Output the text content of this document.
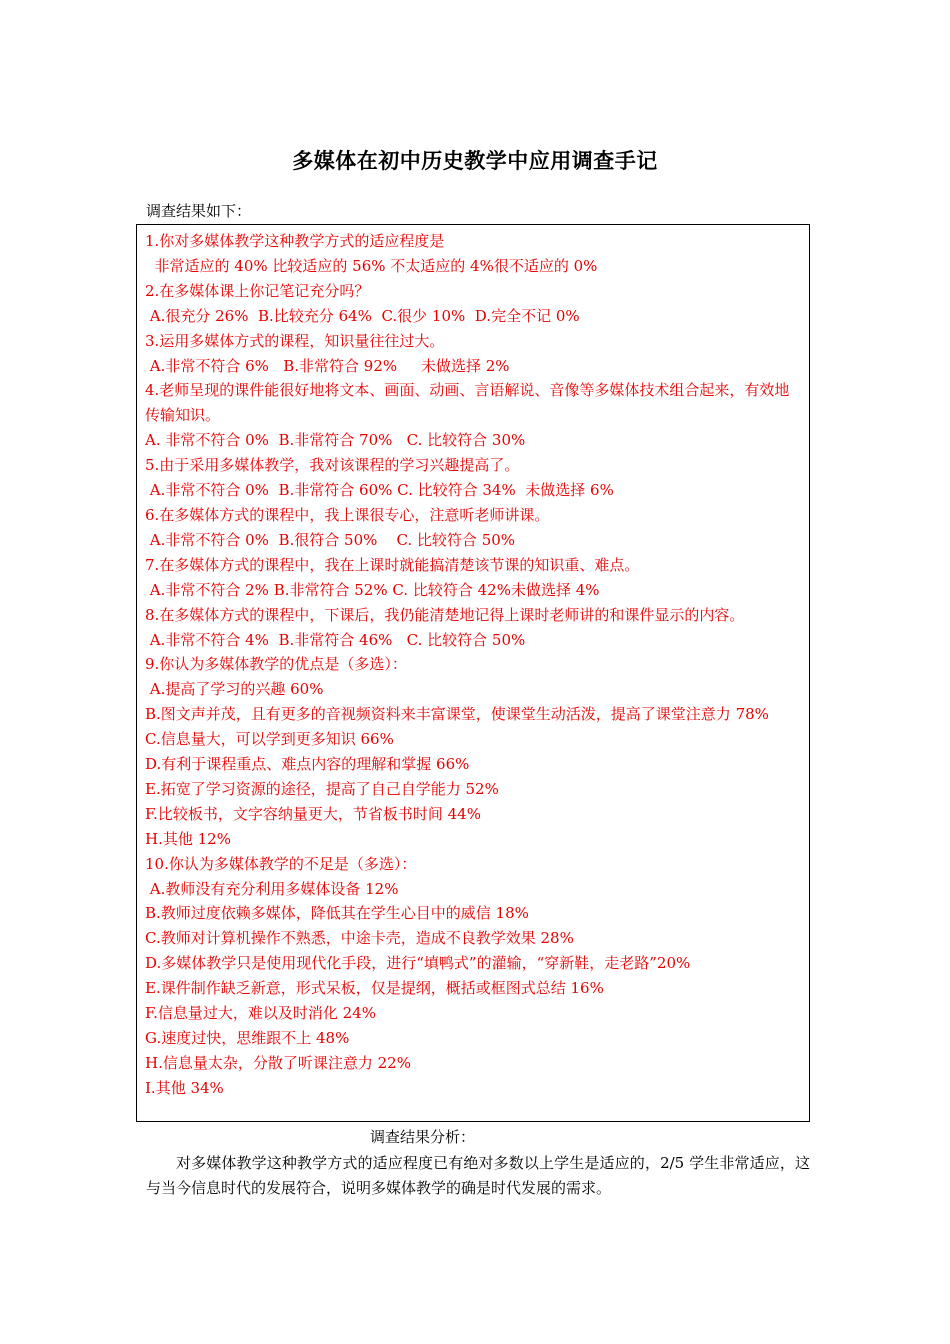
多媒体在初中历史教学中应用调查手记
调查结果如下：
1.你对多媒体教学这种教学方式的适应程度是
非常适应的 40% 比较适应的 56% 不太适应的 4%很不适应的 0%
2.在多媒体课上你记笔记充分吗？
A.很充分 26%  B.比较充分 64%  C.很少 10%  D.完全不记 0%
3.运用多媒体方式的课程，知识量往往过大。
A.非常不符合 6%   B.非常符合 92%     未做选择 2%
4.老师呈现的课件能很好地将文本、画面、动画、言语解说、音像等多媒体技术组合起来，有效地传输知识。
A. 非常不符合 0%  B.非常符合 70%   C. 比较符合 30%
5.由于采用多媒体教学，我对该课程的学习兴趣提高了。
A.非常不符合 0%  B.非常符合 60% C. 比较符合 34%  未做选择 6%
6.在多媒体方式的课程中，我上课很专心，注意听老师讲课。
A.非常不符合 0%  B.很符合 50%    C. 比较符合 50%
7.在多媒体方式的课程中，我在上课时就能搞清楚该节课的知识重、难点。
A.非常不符合 2% B.非常符合 52% C. 比较符合 42%未做选择 4%
8.在多媒体方式的课程中，下课后，我仍能清楚地记得上课时老师讲的和课件显示的内容。
A.非常不符合 4%  B.非常符合 46%   C. 比较符合 50%
9.你认为多媒体教学的优点是（多选）：
A.提高了学习的兴趣 60%
B.图文声并茂，且有更多的音视频资料来丰富课堂，使课堂生动活泼，提高了课堂注意力 78%
C.信息量大，可以学到更多知识 66%
D.有利于课程重点、难点内容的理解和掌握 66%
E.拓宽了学习资源的途径，提高了自己自学能力 52%
F.比较板书，文字容纳量更大，节省板书时间 44%
H.其他 12%
10.你认为多媒体教学的不足是（多选）：
A.教师没有充分利用多媒体设备 12%
B.教师过度依赖多媒体，降低其在学生心目中的威信 18%
C.教师对计算机操作不熟悉，中途卡壳，造成不良教学效果 28%
D.多媒体教学只是使用现代化手段，进行“填鸭式”的灌输，“穿新鞋，走老路”20%
E.课件制作缺乏新意，形式呆板，仅是提纲，概括或框图式总结 16%
F.信息量过大，难以及时消化 24%
G.速度过快，思维跟不上 48%
H.信息量太杂，分散了听课注意力 22%
I.其他 34%
调查结果分析：
对多媒体教学这种教学方式的适应程度已有绝对多数以上学生是适应的，2/5 学生非常适应，这与当今信息时代的发展符合，说明多媒体教学的确是时代发展的需求。
